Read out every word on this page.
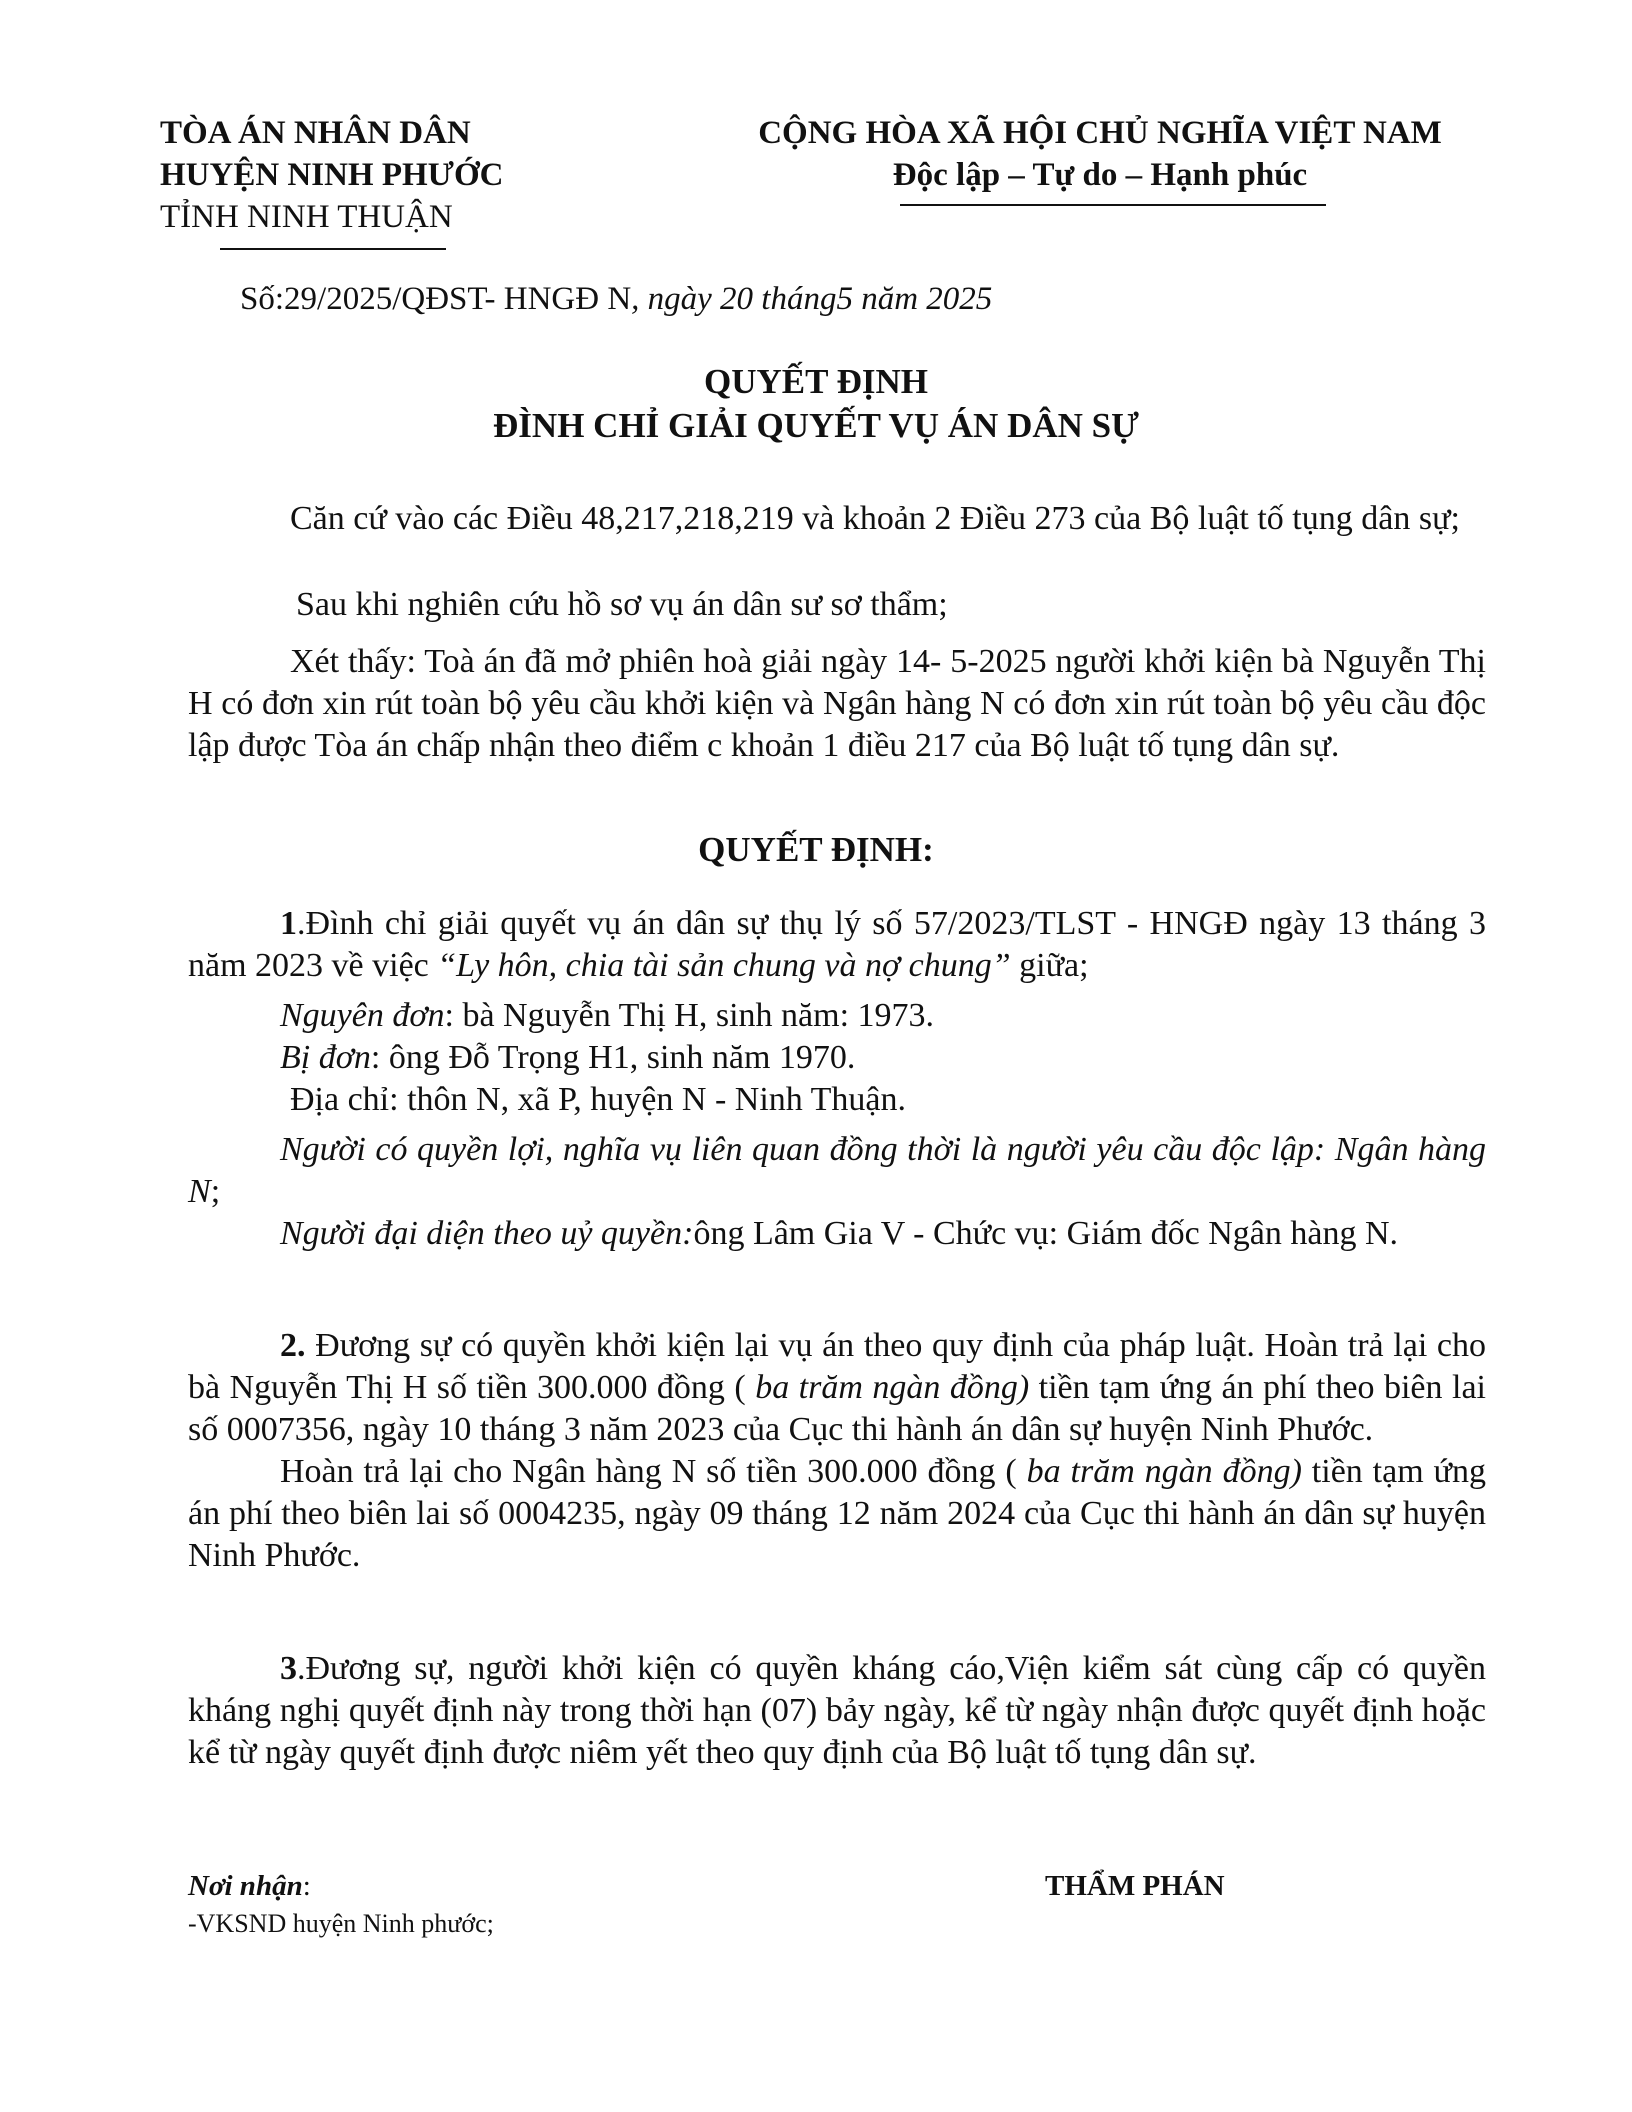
TÒA ÁN NHÂN DÂN
HUYỆN NINH PHƯỚC
TỈNH NINH THUẬN
CỘNG HÒA XÃ HỘI CHỦ NGHĨA VIỆT NAM
Độc lập – Tự do – Hạnh phúc
Số:29/2025/QĐST- HNGĐ N, ngày 20 tháng5 năm 2025
QUYẾT ĐỊNH
ĐÌNH CHỈ GIẢI QUYẾT VỤ ÁN DÂN SỰ

Căn cứ vào các Điều 48,217,218,219 và khoản 2 Điều 273 của Bộ luật tố tụng dân sự;

Sau khi nghiên cứu hồ sơ vụ án dân sư sơ thẩm;

Xét thấy: Toà án đã mở phiên hoà giải ngày 14- 5-2025 người khởi kiện bà Nguyễn Thị H có đơn xin rút toàn bộ yêu cầu khởi kiện và Ngân hàng N có đơn xin rút toàn bộ yêu cầu độc lập được Tòa án chấp nhận theo điểm c khoản 1 điều 217 của Bộ luật tố tụng dân sự.

QUYẾT ĐỊNH:

1.Đình chỉ giải quyết vụ án dân sự thụ lý số 57/2023/TLST - HNGĐ ngày 13 tháng 3 năm 2023 về việc “Ly hôn, chia tài sản chung và nợ chung” giữa;

Nguyên đơn: bà Nguyễn Thị H, sinh năm: 1973.

Bị đơn: ông Đỗ Trọng H1, sinh năm 1970.

Địa chỉ: thôn N, xã P, huyện N - Ninh Thuận.

Người có quyền lợi, nghĩa vụ liên quan đồng thời là người yêu cầu độc lập: Ngân hàng N;

Người đại diện theo uỷ quyền:ông Lâm Gia V - Chức vụ: Giám đốc Ngân hàng N.

2. Đương sự có quyền khởi kiện lại vụ án theo quy định của pháp luật. Hoàn trả lại cho bà Nguyễn Thị H số tiền 300.000 đồng ( ba trăm ngàn đồng) tiền tạm ứng án phí theo biên lai số 0007356, ngày 10 tháng 3 năm 2023 của Cục thi hành án dân sự huyện Ninh Phước.

Hoàn trả lại cho Ngân hàng N số tiền 300.000 đồng ( ba trăm ngàn đồng) tiền tạm ứng án phí theo biên lai số 0004235, ngày 09 tháng 12 năm 2024 của Cục thi hành án dân sự huyện Ninh Phước.

3.Đương sự, người khởi kiện có quyền kháng cáo,Viện kiểm sát cùng cấp có quyền kháng nghị quyết định này trong thời hạn (07) bảy ngày, kể từ ngày nhận được quyết định hoặc kể từ ngày quyết định được niêm yết theo quy định của Bộ luật tố tụng dân sự.

Nơi nhận:
-VKSND huyện Ninh phước;
THẨM PHÁN
